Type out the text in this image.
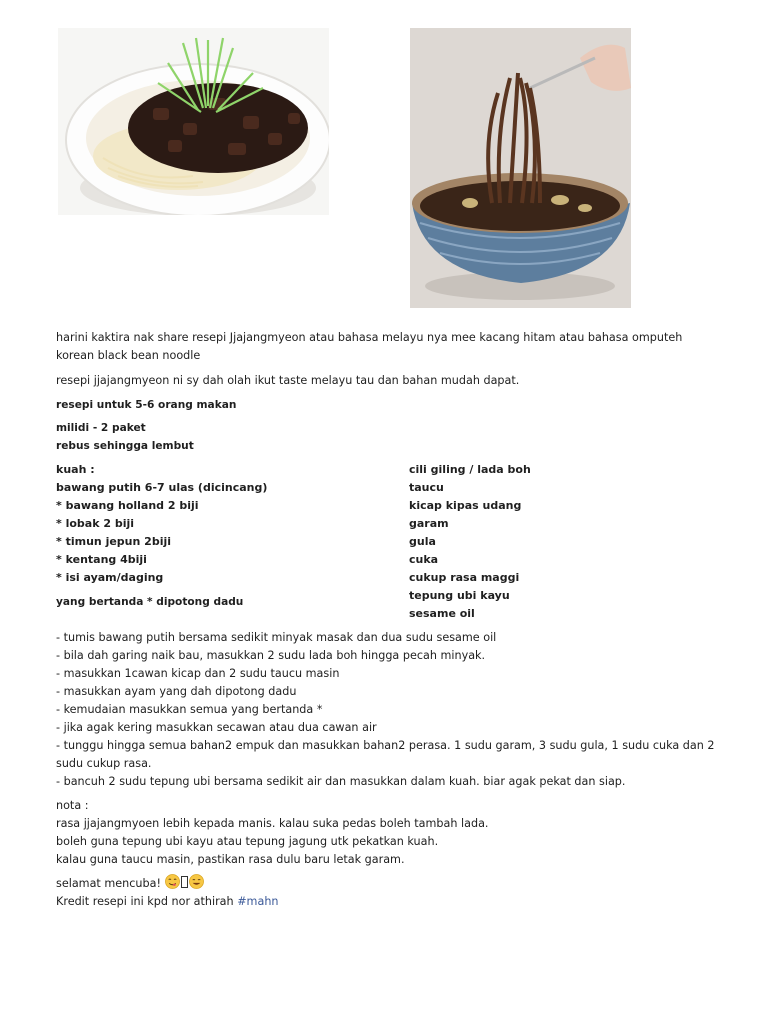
harini kaktira nak share resepi Jjajangmyeon atau bahasa melayu nya mee kacang hitam atau bahasa omputeh
korean black bean noodle
resepi jjajangmyeon ni sy dah olah ikut taste melayu tau dan bahan mudah dapat.
resepi untuk 5-6 orang makan
milidi - 2 paket
rebus sehingga lembut
kuah :
bawang putih 6-7 ulas (dicincang)
* bawang holland 2 biji
* lobak 2 biji
* timun jepun 2biji
* kentang 4biji
* isi ayam/daging
yang bertanda * dipotong dadu
cili giling / lada boh
taucu
kicap kipas udang
garam
gula
cuka
cukup rasa maggi
tepung ubi kayu
sesame oil
- tumis bawang putih bersama sedikit minyak masak dan dua sudu sesame oil
- bila dah garing naik bau, masukkan 2 sudu lada boh hingga pecah minyak.
- masukkan 1cawan kicap dan 2 sudu taucu masin
- masukkan ayam yang dah dipotong dadu
- kemudaian masukkan semua yang bertanda *
- jika agak kering masukkan secawan atau dua cawan air
- tunggu hingga semua bahan2 empuk dan masukkan bahan2 perasa. 1 sudu garam, 3 sudu gula, 1 sudu cuka dan 2
sudu cukup rasa.
- bancuh 2 sudu tepung ubi bersama sedikit air dan masukkan dalam kuah. biar agak pekat dan siap.
nota :
rasa jjajangmyoen lebih kepada manis. kalau suka pedas boleh tambah lada.
boleh guna tepung ubi kayu atau tepung jagung utk pekatkan kuah.
kalau guna taucu masin, pastikan rasa dulu baru letak garam.
selamat mencuba!
Kredit resepi ini kpd nor athirah #mahn
